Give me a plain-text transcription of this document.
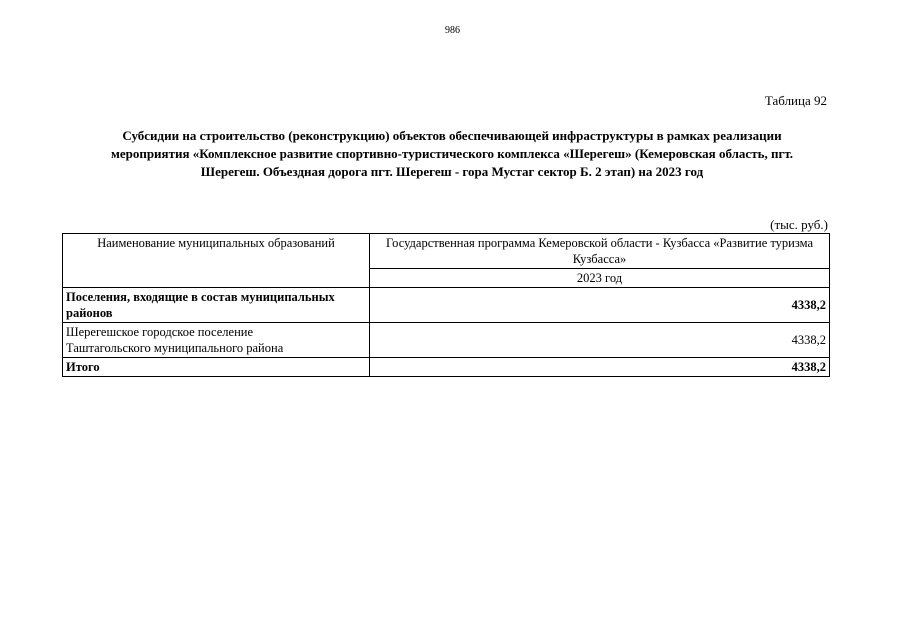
986
Таблица 92
Субсидии на строительство (реконструкцию) объектов обеспечивающей инфраструктуры в рамках реализации
мероприятия «Комплексное развитие спортивно-туристического комплекса «Шерегеш» (Кемеровская область, пгт.
Шерегеш. Объездная дорога пгт. Шерегеш - гора Мустаг сектор Б. 2 этап) на 2023 год
(тыс. руб.)
Наименование муниципальных образований	Государственная программа Кемеровской области - Кузбасса «Развитие туризма Кузбасса»
	2023 год
Поселения, входящие в состав муниципальных районов	4338,2

Шерегешское городское поселение
Таштагольского муниципального района	4338,2
Итого	4338,2
